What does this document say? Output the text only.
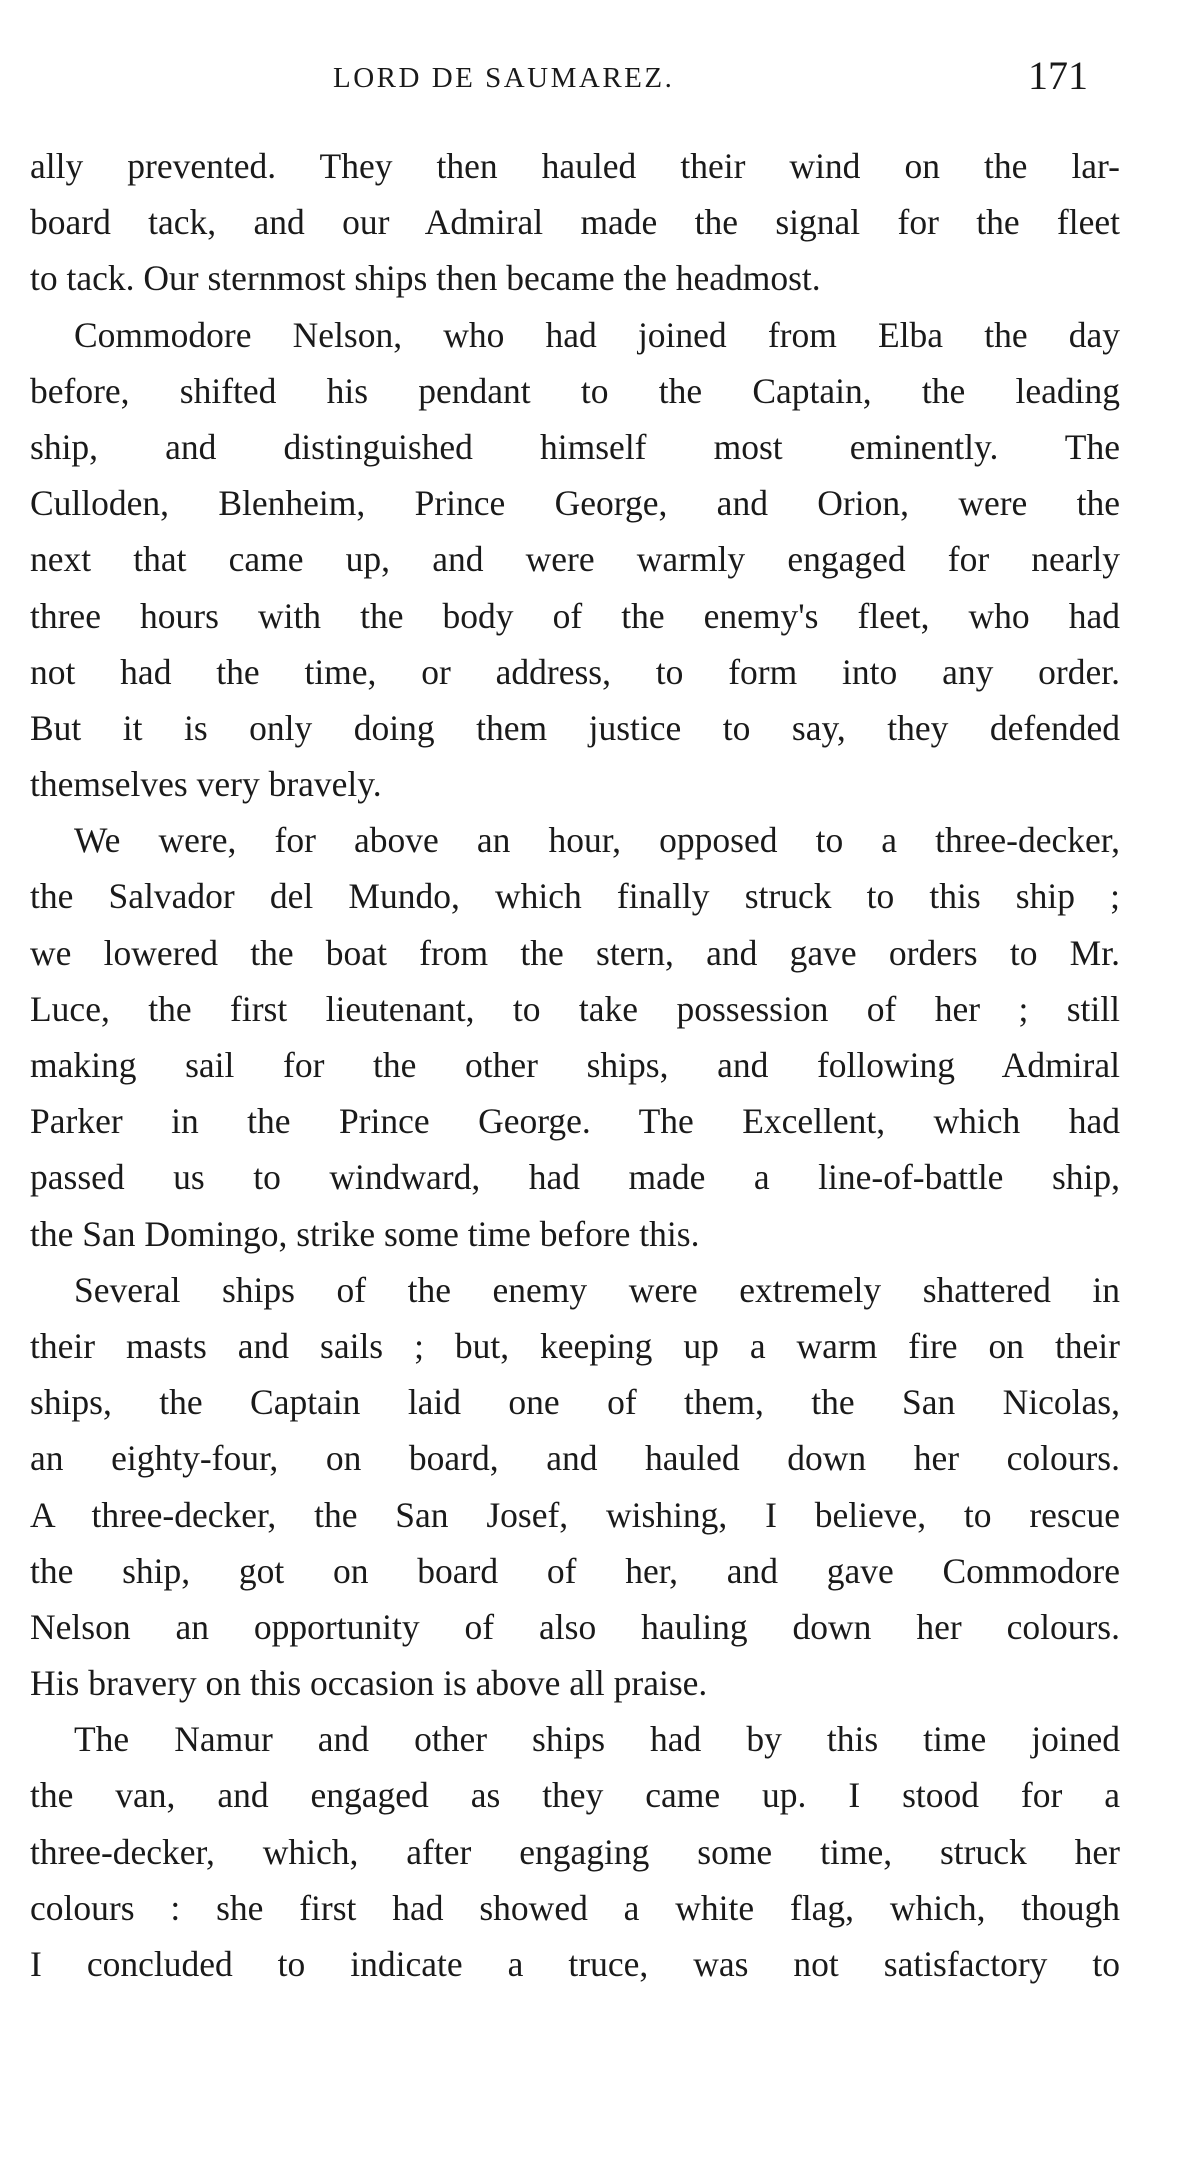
LORD DE SAUMAREZ.	171

ally prevented. They then hauled their wind on the lar-
board tack, and our Admiral made the signal for the fleet
to tack. Our sternmost ships then became the headmost.

Commodore Nelson, who had joined from Elba the day
before, shifted his pendant to the Captain, the leading
ship, and distinguished himself most eminently. The
Culloden, Blenheim, Prince George, and Orion, were the
next that came up, and were warmly engaged for nearly
three hours with the body of the enemy's fleet, who had
not had the time, or address, to form into any order.
But it is only doing them justice to say, they defended
themselves very bravely.

We were, for above an hour, opposed to a three-decker,
the Salvador del Mundo, which finally struck to this ship ;
we lowered the boat from the stern, and gave orders to Mr.
Luce, the first lieutenant, to take possession of her ; still
making sail for the other ships, and following Admiral
Parker in the Prince George. The Excellent, which had
passed us to windward, had made a line-of-battle ship,
the San Domingo, strike some time before this.

Several ships of the enemy were extremely shattered in
their masts and sails ; but, keeping up a warm fire on their
ships, the Captain laid one of them, the San Nicolas,
an eighty-four, on board, and hauled down her colours.
A three-decker, the San Josef, wishing, I believe, to rescue
the ship, got on board of her, and gave Commodore
Nelson an opportunity of also hauling down her colours.
His bravery on this occasion is above all praise.

The Namur and other ships had by this time joined
the van, and engaged as they came up. I stood for a
three-decker, which, after engaging some time, struck her
colours : she first had showed a white flag, which, though
I concluded to indicate a truce, was not satisfactory to
